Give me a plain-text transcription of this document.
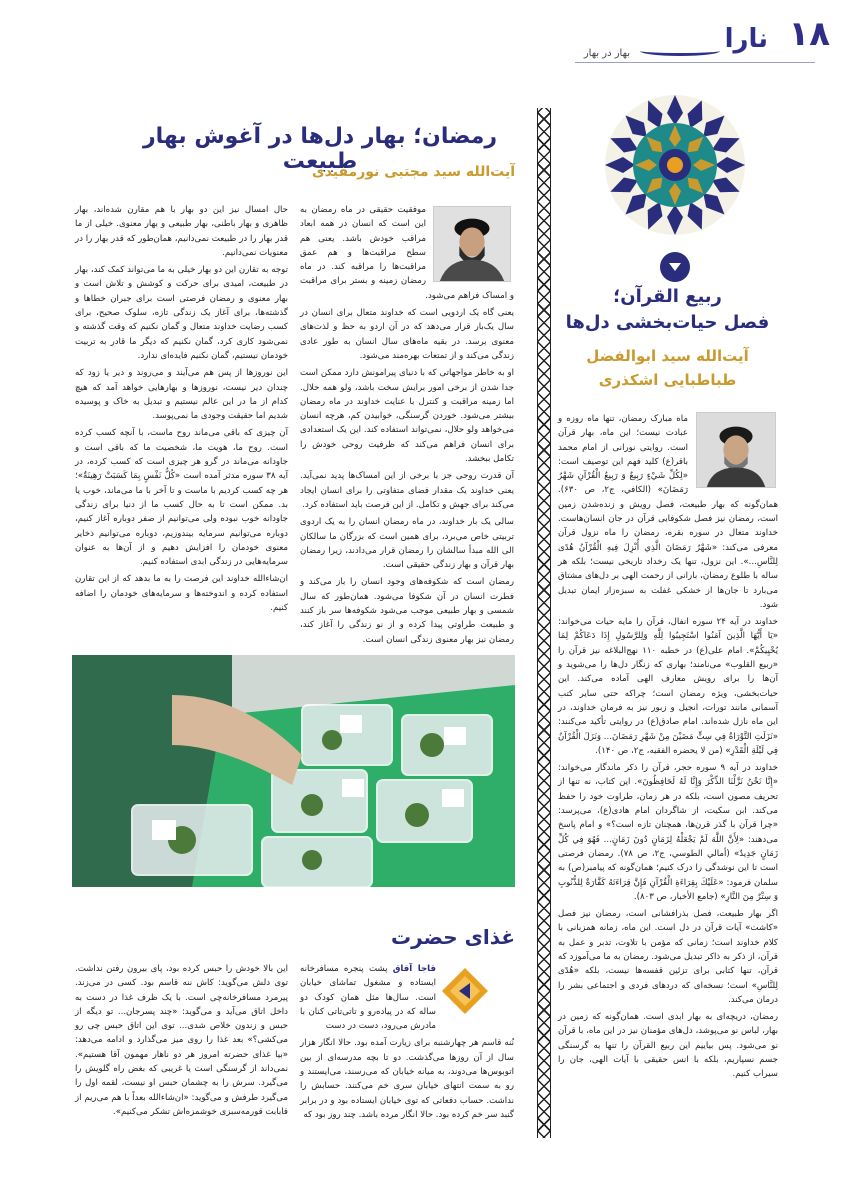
۱۸
نارا
بهار در بهار
ربیع القرآن؛
فصل حیات‌بخشی دل‌ها
آیت‌الله سید ابوالفضل
طباطبایی اشکذری

ماه مبارک رمضان، تنها ماه روزه و عبادت نیست؛ این ماه، بهار قرآن است. روایتی نورانی از امام محمد باقر(ع) کلید فهم این توصیف است: «لِكُلِّ شَيْءٍ رَبِيعٌ وَ رَبِيعُ الْقُرْآنِ شَهْرُ رَمَضَانَ» (الكافي، ج۲، ص ۶۳۰). همان‌گونه که بهار طبیعت، فصل رویش و زنده‌شدن زمین است، رمضان نیز فصل شکوفایی قرآن در جان انسان‌هاست. خداوند متعال در سوره بقره، رمضان را ماه نزول قرآن معرفی می‌کند: «شَهْرُ رَمَضَانَ الَّذِي أُنْزِلَ فِيهِ الْقُرْآنُ هُدًى لِلنَّاسِ...». این نزول، تنها یک رخداد تاریخی نیست؛ بلکه هر ساله با طلوع رمضان، بارانی از رحمت الهی بر دل‌های مشتاق می‌بارد تا جان‌ها از خشکی غفلت به سبزه‌زار ایمان تبدیل شود.

خداوند در آیه ۲۴ سوره انفال، قرآن را مایه حیات می‌خواند: «يَا أَيُّهَا الَّذِينَ آمَنُوا اسْتَجِيبُوا لِلَّهِ وَلِلرَّسُولِ إِذَا دَعَاكُمْ لِمَا يُحْيِيكُمْ». امام علی(ع) در خطبه ۱۱۰ نهج‌البلاغه نیز قرآن را «ربیع القلوب» می‌نامند؛ بهاری که زنگار دل‌ها را می‌شوید و آن‌ها را برای رویش معارف الهی آماده می‌کند. این حیات‌بخشی، ویژه رمضان است؛ چراکه حتی سایر کتب آسمانی مانند تورات، انجیل و زبور نیز به فرمان خداوند، در این ماه نازل شده‌اند. امام صادق(ع) در روایتی تأکید می‌کنند: «نَزَلَتِ التَّوْرَاةُ فِي سِتٍّ مَضَيْنَ مِنْ شَهْرِ رَمَضَانَ... وَنَزَلَ الْقُرْآنُ فِي لَيْلَةِ الْقَدْرِ» (من لا يحضره الفقيه، ج۲، ص ۱۴۰).

خداوند در آیه ۹ سوره حجر، قرآن را ذکر ماندگار می‌خواند: «إِنَّا نَحْنُ نَزَّلْنَا الذِّكْرَ وَإِنَّا لَهُ لَحَافِظُونَ». این کتاب، نه تنها از تحریف مصون است، بلکه در هر زمان، طراوت خود را حفظ می‌کند. ابن سکیت، از شاگردان امام هادی(ع)، می‌پرسد: «چرا قرآن با گذر قرن‌ها، همچنان تازه است؟» و امام پاسخ می‌دهند: «لِأَنَّ اللَّهَ لَمْ يَجْعَلْهُ لِزَمَانٍ دُونَ زَمَانٍ... فَهُوَ فِي كُلِّ زَمَانٍ جَدِيدٌ» (أمالي الطوسي، ج۲، ص ۷۸). رمضان فرصتی است تا این نوشدگی را درک کنیم؛ همان‌گونه که پیامبر(ص) به سلمان فرمود: «عَلَيْكَ بِقِرَاءَةِ الْقُرْآنِ فَإِنَّ قِرَاءَتَهُ كَفَّارَةٌ لِلذُّنُوبِ وَ سِتْرٌ مِنَ النَّارِ» (جامع الأخبار، ص ۸۰۳).

اگر بهار طبیعت، فصل بذرافشانی است، رمضان نیز فصل «کاشت» آیات قرآن در دل است. این ماه، زمانه همزبانی با کلام خداوند است؛ زمانی که مؤمن با تلاوت، تدبر و عمل به قرآن، از ذکر به ذاکر تبدیل می‌شود. رمضان به ما می‌آموزد که قرآن، تنها کتابی برای تزئین قفسه‌ها نیست، بلکه «هُدًى لِلنَّاسِ» است؛ نسخه‌ای که دردهای فردی و اجتماعی بشر را درمان می‌کند.

رمضان، دریچه‌ای به بهار ابدی است. همان‌گونه که زمین در بهار، لباس نو می‌پوشد، دل‌های مؤمنان نیز در این ماه، با قرآن نو می‌شود. پس بیاییم این ربیع القرآن را تنها به گرسنگی جسم نسپاریم، بلکه با انس حقیقی با آیات الهی، جان را سیراب کنیم.

رمضان؛ بهار دل‌ها در آغوش بهار طبیعت
آیت‌الله سید مجتبی نورمفیدی

موفقیت حقیقی در ماه رمضان به این است که انسان در همه ابعاد مراقب خودش باشد. یعنی هم سطح مراقبت‌ها و هم عمق مراقبت‌ها را مراقبه کند. در ماه رمضان زمینه و بستر برای مراقبت و امساک فراهم می‌شود.

یعنی گاه یک اردویی است که خداوند متعال برای انسان در سال یک‌بار قرار می‌دهد که در آن اردو به حظ و لذت‌های معنوی برسد. در بقیه ماه‌های سال انسان به طور عادی زندگی می‌کند و از تمتعات بهره‌مند می‌شود.

او به خاطر مواجهاتی که با دنیای پیرامونش دارد ممکن است جدا شدن از برخی امور برایش سخت باشد، ولو همه حلال. اما زمینه مراقبت و کنترل با عنایت خداوند در ماه رمضان بیشتر می‌شود. خوردن گرسنگی، خوابیدن کم، هرچه انسان می‌خواهد ولو حلال، نمی‌تواند استفاده کند. این یک استعدادی برای انسان فراهم می‌کند که ظرفیت روحی خودش را تکامل ببخشد.

آن قدرت روحی جز با برخی از این امساک‌ها پدید نمی‌آید. یعنی خداوند یک مقدار فضای متفاوتی را برای انسان ایجاد می‌کند برای جهش و تکامل. از این فرصت باید استفاده کرد.

سالی یک بار خداوند، در ماه رمضان انسان را به یک اردوی تربیتی خاص می‌برد، برای همین است که بزرگان ما سالکان الی الله مبدأ سالشان را رمضان قرار می‌دادند، زیرا رمضان بهار قرآن و بهار زندگی حقیقی است.

رمضان است که شکوفه‌های وجود انسان را باز می‌کند و فطرت انسان در آن شکوفا می‌شود. همان‌طور که سال شمسی و بهار طبیعی موجب می‌شود شکوفه‌ها سر باز کنند و طبیعت طراوتی پیدا کرده و از نو زندگی را آغاز کند، رمضان نیز بهار معنوی زندگی انسان است.

حال امسال نیز این دو بهار با هم مقارن شده‌اند، بهار ظاهری و بهار باطنی، بهار طبیعی و بهار معنوی. خیلی از ما قدر بهار را در طبیعت نمی‌دانیم، همان‌طور که قدر بهار را در معنویات نمی‌دانیم.

توجه به تقارن این دو بهار خیلی به ما می‌تواند کمک کند، بهار در طبیعت، امیدی برای حرکت و کوشش و تلاش است و بهار معنوی و رمضان فرصتی است برای جبران خطاها و گذشته‌ها، برای آغاز یک زندگی تازه، سلوک صحیح، برای کسب رضایت خداوند متعال و گمان نکنیم که وقت گذشته و نمی‌شود کاری کرد، گمان نکنیم که دیگر ما قادر به تربیت خودمان نیستیم، گمان نکنیم فایده‌ای ندارد.

این نوروزها از پس هم می‌آیند و می‌روند و دیر یا زود که چندان دیر نیست، نوروزها و بهارهایی خواهد آمد که هیچ کدام از ما در این عالم نیستیم و تبدیل به خاک و پوسیده شدیم اما حقیقت وجودی ما نمی‌پوسد.

آن چیزی که باقی می‌ماند روح ماست، با آنچه کسب کرده است. روح ما، هویت ما، شخصیت ما که باقی است و جاودانه می‌ماند در گرو هر چیزی است که کسب کرده، در آیه ۳۸ سوره مدثر آمده است «كُلُّ نَفْسٍ بِمَا كَسَبَتْ رَهِينَةٌ»؛ هر چه کسب کردیم با ماست و تا آخر با ما می‌ماند، خوب یا بد. ممکن است تا به حال کسب ما از دنیا برای زندگی جاودانه خوب نبوده ولی می‌توانیم از صفر دوباره آغاز کنیم، دوباره می‌توانیم سرمایه بیندوزیم، دوباره می‌توانیم ذخایر معنوی خودمان را افزایش دهیم و از آن‌ها به عنوان سرمایه‌هایی در زندگی ابدی استفاده کنیم.

ان‌شاءالله خداوند این فرصت را به ما بدهد که از این تقارن استفاده کرده و اندوخته‌ها و سرمایه‌های خودمان را اضافه کنیم.

غذای حضرت

قاجا آقاق پشت پنجره مسافرخانه ایستاده و مشغول تماشای خیابان است. سال‌ها مثل همان کودک دو ساله که در پیاده‌رو و تاتی‌تاتی کنان با مادرش می‌رود، دست در دست

نُنه قاسم هر چهارشنبه برای زیارت آمده بود. حالا انگار هزار سال از آن روزها می‌گذشت. دو تا بچه مدرسه‌ای از بین اتوبوس‌ها می‌دوند، به میانه خیابان که می‌رسند، می‌ایستند و رو به سمت انتهای خیابان سری خم می‌کنند. حسابش را نداشت. حساب دفعاتی که توی خیابان ایستاده بود و در برابر گنبد سر خم کرده بود. حالا انگار مرده باشد. چند روز بود که

این بالا خودش را حبس کرده بود، پای بیرون رفتن نداشت. توی دلش می‌گوید: کاش ننه قاسم بود. کسی در می‌زند. پیرمرد مسافرخانه‌چی است. با یک ظرف غذا در دست به داخل اتاق می‌آید و می‌گوید: «چند پسرجان... تو دیگه از حبس و زندون خلاص شدی... توی این اتاق حبس چی رو می‌کشی؟» بعد غذا را روی میز می‌گذارد و ادامه می‌دهد: «بیا غذای حضرته امروز هر دو ناهار مهمون آقا هستیم». نمی‌داند از گرسنگی است یا غریبی که بغض راه گلویش را می‌گیرد. سرش را به چشمان حبس او نیست، لقمه اول را می‌گیرد طرفش و می‌گوید: «ان‌شاءالله بعداً با هم می‌ریم از قابابت قورمه‌سبزی خوشمزه‌اش تشکر می‌کنیم».
